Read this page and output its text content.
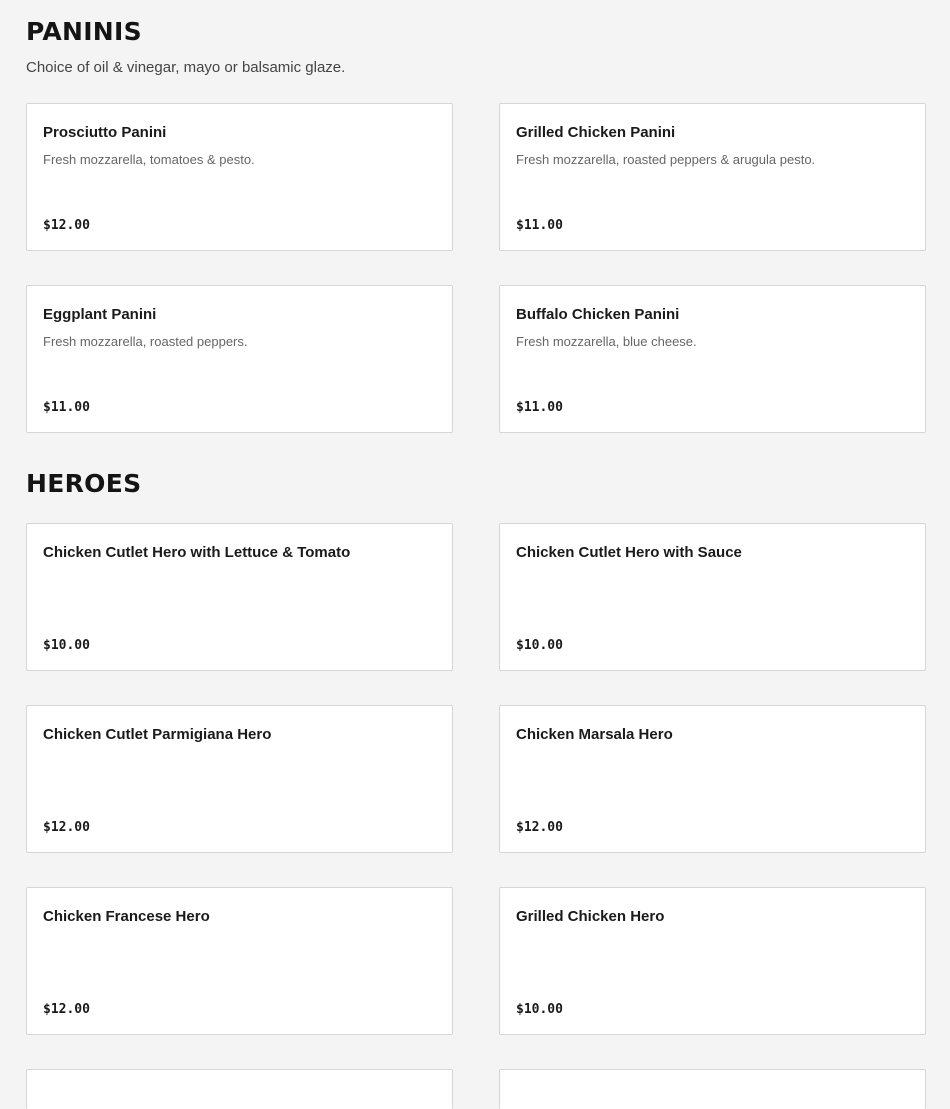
PANINIS

Choice of oil & vinegar, mayo or balsamic glaze.

Prosciutto Panini
Fresh mozzarella, tomatoes & pesto.
$12.00
Grilled Chicken Panini
Fresh mozzarella, roasted peppers & arugula pesto.
$11.00
Eggplant Panini
Fresh mozzarella, roasted peppers.
$11.00
Buffalo Chicken Panini
Fresh mozzarella, blue cheese.
$11.00
HEROES
Chicken Cutlet Hero with Lettuce & Tomato
$10.00
Chicken Cutlet Hero with Sauce
$10.00
Chicken Cutlet Parmigiana Hero
$12.00
Chicken Marsala Hero
$12.00
Chicken Francese Hero
$12.00
Grilled Chicken Hero
$10.00
